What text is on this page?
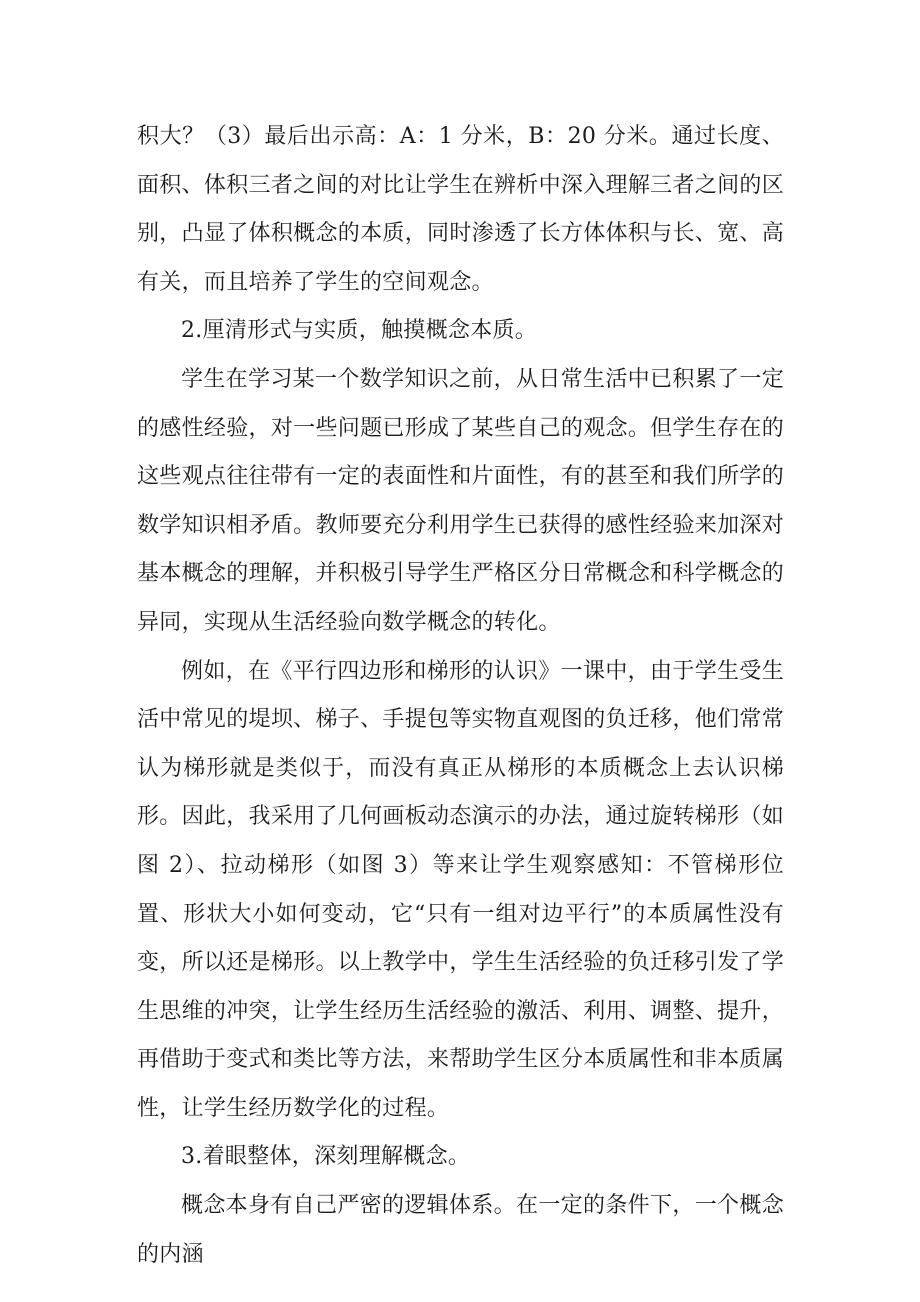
积大？（3）最后出示高：A：1 分米，B：20 分米。通过长度、面积、体积三者之间的对比让学生在辨析中深入理解三者之间的区别，凸显了体积概念的本质，同时渗透了长方体体积与长、宽、高有关，而且培养了学生的空间观念。

2.厘清形式与实质，触摸概念本质。

学生在学习某一个数学知识之前，从日常生活中已积累了一定的感性经验，对一些问题已形成了某些自己的观念。但学生存在的这些观点往往带有一定的表面性和片面性，有的甚至和我们所学的数学知识相矛盾。教师要充分利用学生已获得的感性经验来加深对基本概念的理解，并积极引导学生严格区分日常概念和科学概念的异同，实现从生活经验向数学概念的转化。

例如，在《平行四边形和梯形的认识》一课中，由于学生受生活中常见的堤坝、梯子、手提包等实物直观图的负迁移，他们常常认为梯形就是类似于，而没有真正从梯形的本质概念上去认识梯形。因此，我采用了几何画板动态演示的办法，通过旋转梯形（如图 2）、拉动梯形（如图 3）等来让学生观察感知：不管梯形位置、形状大小如何变动，它“只有一组对边平行”的本质属性没有变，所以还是梯形。以上教学中，学生生活经验的负迁移引发了学生思维的冲突，让学生经历生活经验的激活、利用、调整、提升，再借助于变式和类比等方法，来帮助学生区分本质属性和非本质属性，让学生经历数学化的过程。

3.着眼整体，深刻理解概念。

概念本身有自己严密的逻辑体系。在一定的条件下，一个概念的内涵
